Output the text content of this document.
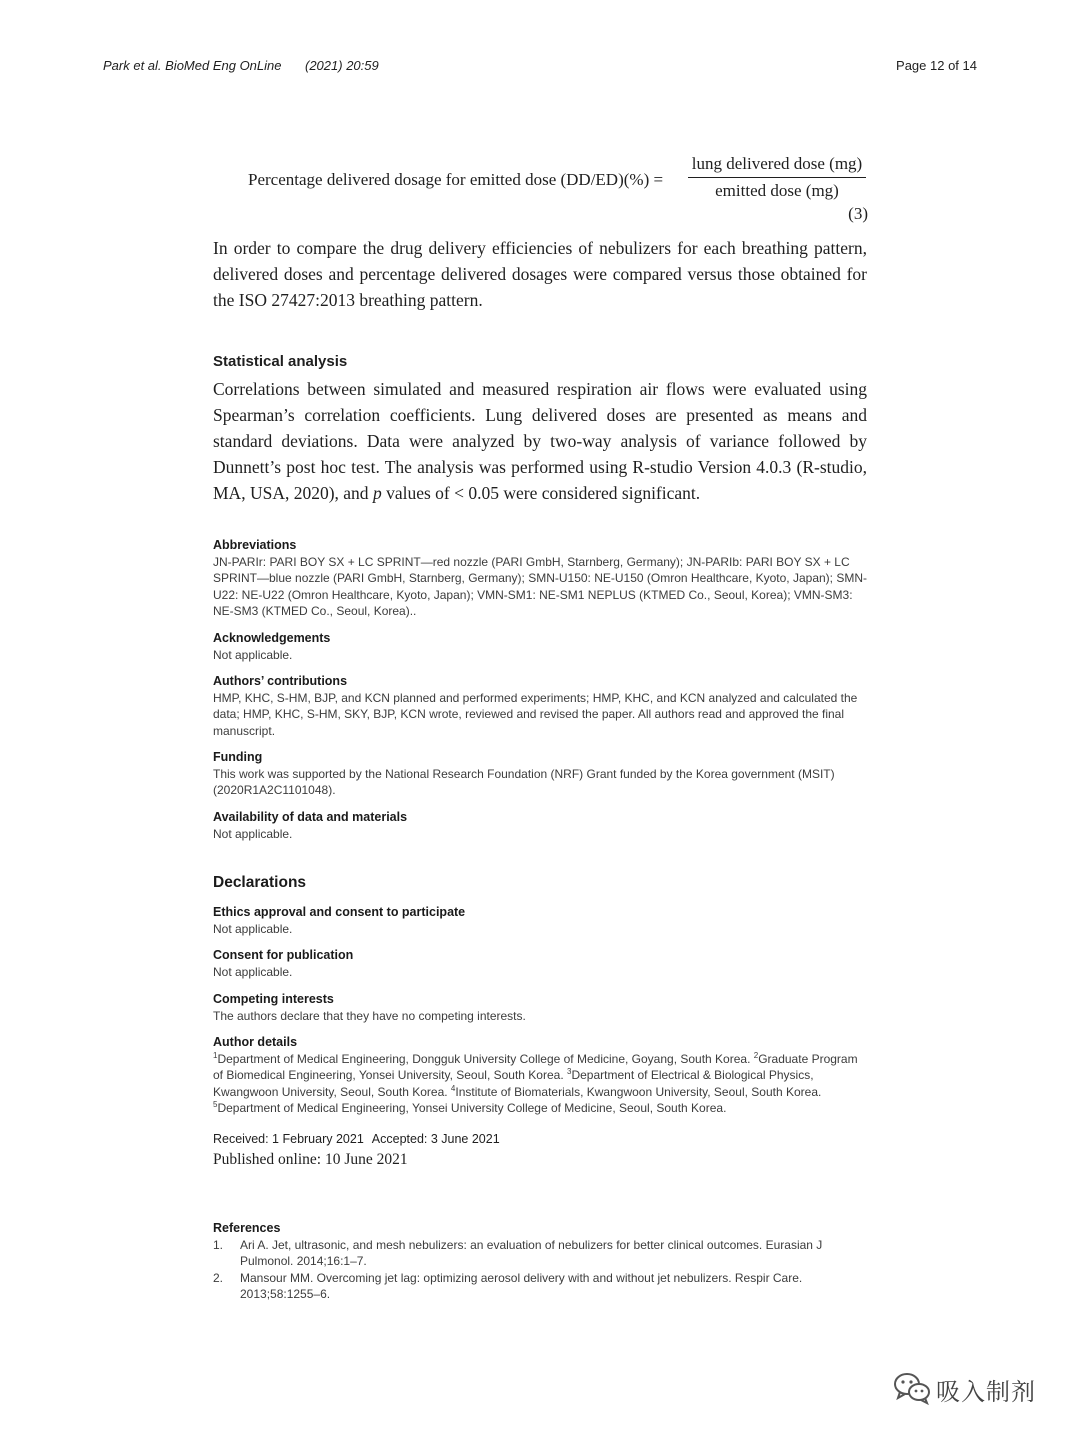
Park et al. BioMed Eng OnLine (2021) 20:59	Page 12 of 14
Percentage delivered dosage for emitted dose (DD/ED)(%) =
lung delivered dose (mg)
emitted dose (mg)
(3)

In order to compare the drug delivery efficiencies of nebulizers for each breathing pattern, delivered doses and percentage delivered dosages were compared versus those obtained for the ISO 27427:2013 breathing pattern.

Statistical analysis

Correlations between simulated and measured respiration air flows were evaluated using Spearman’s correlation coefficients. Lung delivered doses are presented as means and standard deviations. Data were analyzed by two-way analysis of variance followed by Dunnett’s post hoc test. The analysis was performed using R-studio Version 4.0.3 (R-studio, MA, USA, 2020), and p values of < 0.05 were considered significant.

Abbreviations
JN-PARIr: PARI BOY SX + LC SPRINT—red nozzle (PARI GmbH, Starnberg, Germany); JN-PARIb: PARI BOY SX + LC SPRINT—blue nozzle (PARI GmbH, Starnberg, Germany); SMN-U150: NE-U150 (Omron Healthcare, Kyoto, Japan); SMN-U22: NE-U22 (Omron Healthcare, Kyoto, Japan); VMN-SM1: NE-SM1 NEPLUS (KTMED Co., Seoul, Korea); VMN-SM3: NE-SM3 (KTMED Co., Seoul, Korea)..
Acknowledgements
Not applicable.
Authors’ contributions
HMP, KHC, S-HM, BJP, and KCN planned and performed experiments; HMP, KHC, and KCN analyzed and calculated the data; HMP, KHC, S-HM, SKY, BJP, KCN wrote, reviewed and revised the paper. All authors read and approved the final manuscript.
Funding
This work was supported by the National Research Foundation (NRF) Grant funded by the Korea government (MSIT) (2020R1A2C1101048).
Availability of data and materials
Not applicable.
Declarations
Ethics approval and consent to participate
Not applicable.
Consent for publication
Not applicable.
Competing interests
The authors declare that they have no competing interests.
Author details
$^1$Department of Medical Engineering, Dongguk University College of Medicine, Goyang, South Korea. $^2$Graduate Program of Biomedical Engineering, Yonsei University, Seoul, South Korea. $^3$Department of Electrical & Biological Physics, Kwangwoon University, Seoul, South Korea. $^4$Institute of Biomaterials, Kwangwoon University, Seoul, South Korea. $^5$Department of Medical Engineering, Yonsei University College of Medicine, Seoul, South Korea.
Received: 1 February 2021 Accepted: 3 June 2021
Published online: 10 June 2021
References
1.	Ari A. Jet, ultrasonic, and mesh nebulizers: an evaluation of nebulizers for better clinical outcomes. Eurasian J Pulmonol. 2014;16:1–7.
2.	Mansour MM. Overcoming jet lag: optimizing aerosol delivery with and without jet nebulizers. Respir Care. 2013;58:1255–6.
吸入制剂
